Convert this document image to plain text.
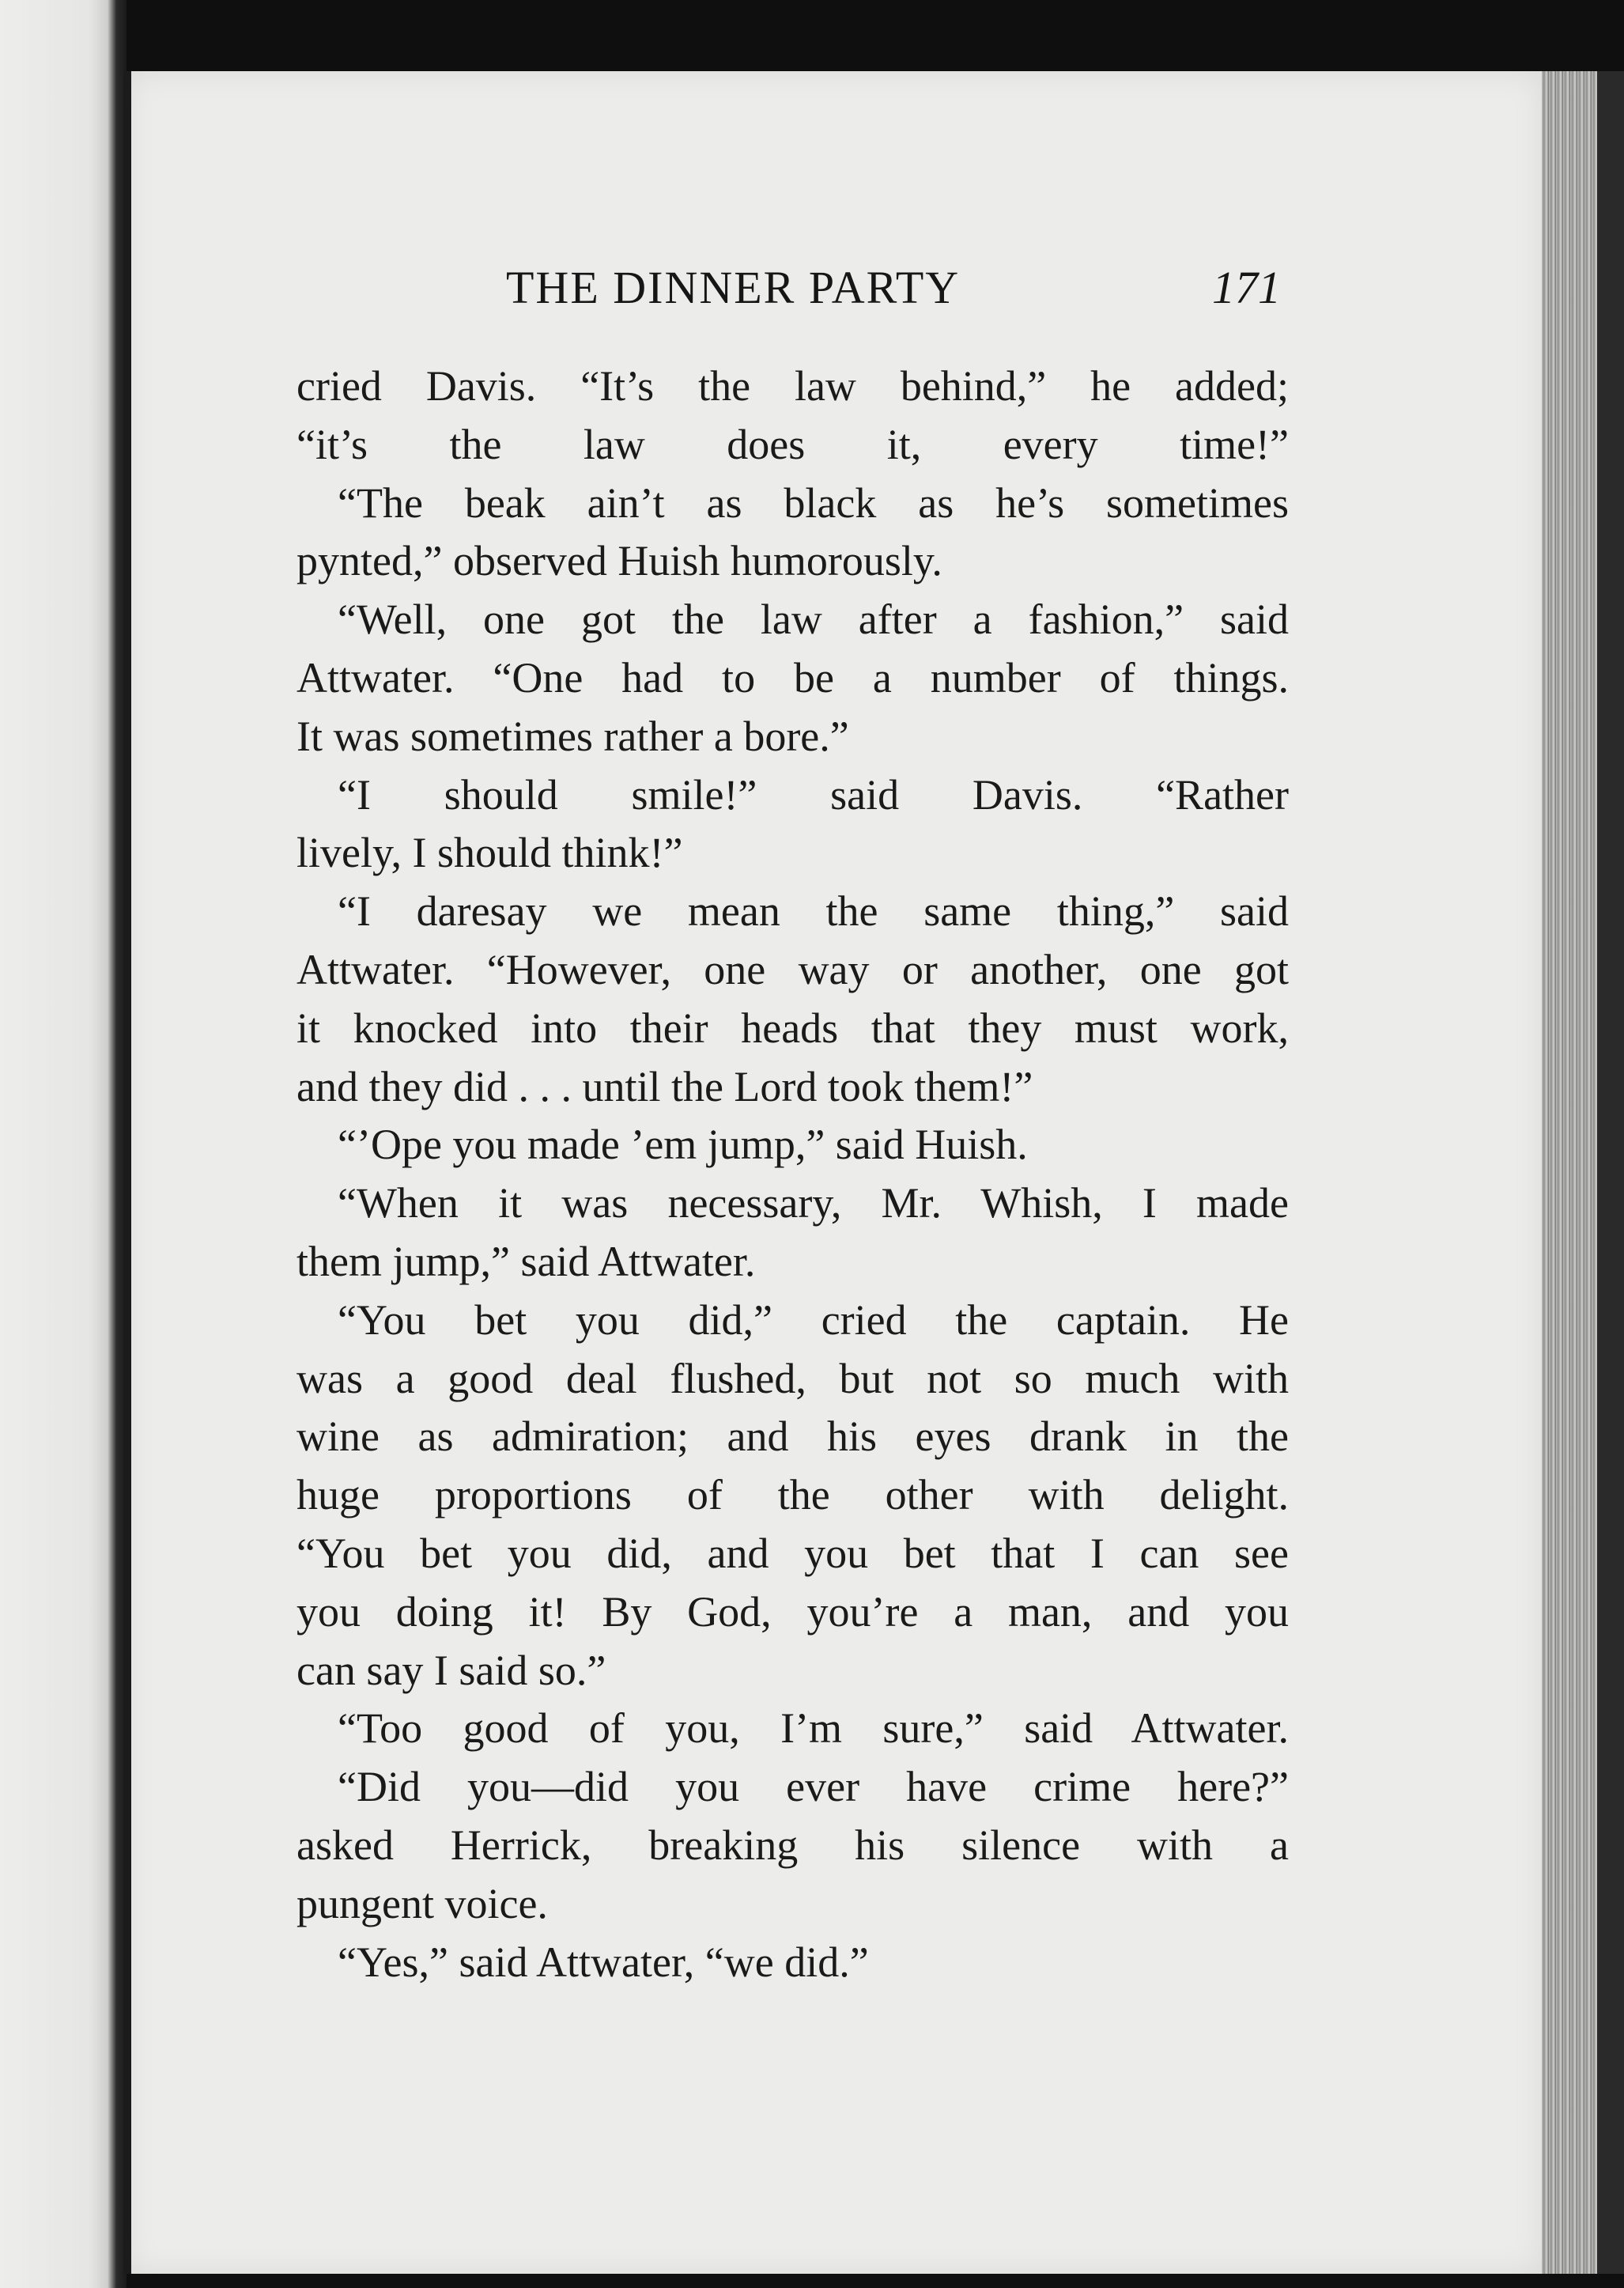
THE DINNER PARTY	171
cried Davis. “It’s the law behind,” he added;
“it’s the law does it, every time!”
“The beak ain’t as black as he’s sometimes
pynted,” observed Huish humorously.
“Well, one got the law after a fashion,” said
Attwater. “One had to be a number of things.
It was sometimes rather a bore.”
“I should smile!” said Davis. “Rather
lively, I should think!”
“I daresay we mean the same thing,” said
Attwater. “However, one way or another, one got
it knocked into their heads that they must work,
and they did . . . until the Lord took them!”
“’Ope you made ’em jump,” said Huish.
“When it was necessary, Mr. Whish, I made
them jump,” said Attwater.
“You bet you did,” cried the captain. He
was a good deal flushed, but not so much with
wine as admiration; and his eyes drank in the
huge proportions of the other with delight.
“You bet you did, and you bet that I can see
you doing it! By God, you’re a man, and you
can say I said so.”
“Too good of you, I’m sure,” said Attwater.
“Did you—did you ever have crime here?”
asked Herrick, breaking his silence with a
pungent voice.
“Yes,” said Attwater, “we did.”
